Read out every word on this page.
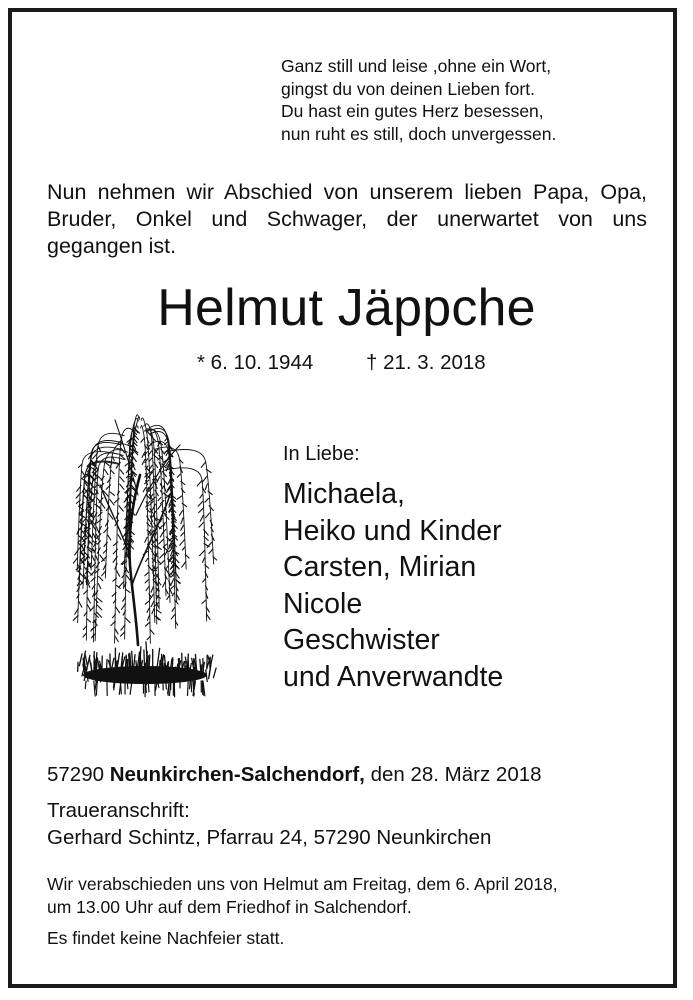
Ganz still und leise ,ohne ein Wort,
gingst du von deinen Lieben fort.
Du hast ein gutes Herz besessen,
nun ruht es still, doch unvergessen.
Nun nehmen wir Abschied von unserem lieben Papa, Opa, Bruder, Onkel und Schwager, der unerwartet von uns gegangen ist.
Helmut Jäppche
* 6. 10. 1944	† 21. 3. 2018
In Liebe:
Michaela,
Heiko und Kinder
Carsten, Mirian
Nicole
Geschwister
und Anverwandte
57290 Neunkirchen-Salchendorf, den 28. März 2018
Traueranschrift:
Gerhard Schintz, Pfarrau 24, 57290 Neunkirchen
Wir verabschieden uns von Helmut am Freitag, dem 6. April 2018,
um 13.00 Uhr auf dem Friedhof in Salchendorf.
Es findet keine Nachfeier statt.
